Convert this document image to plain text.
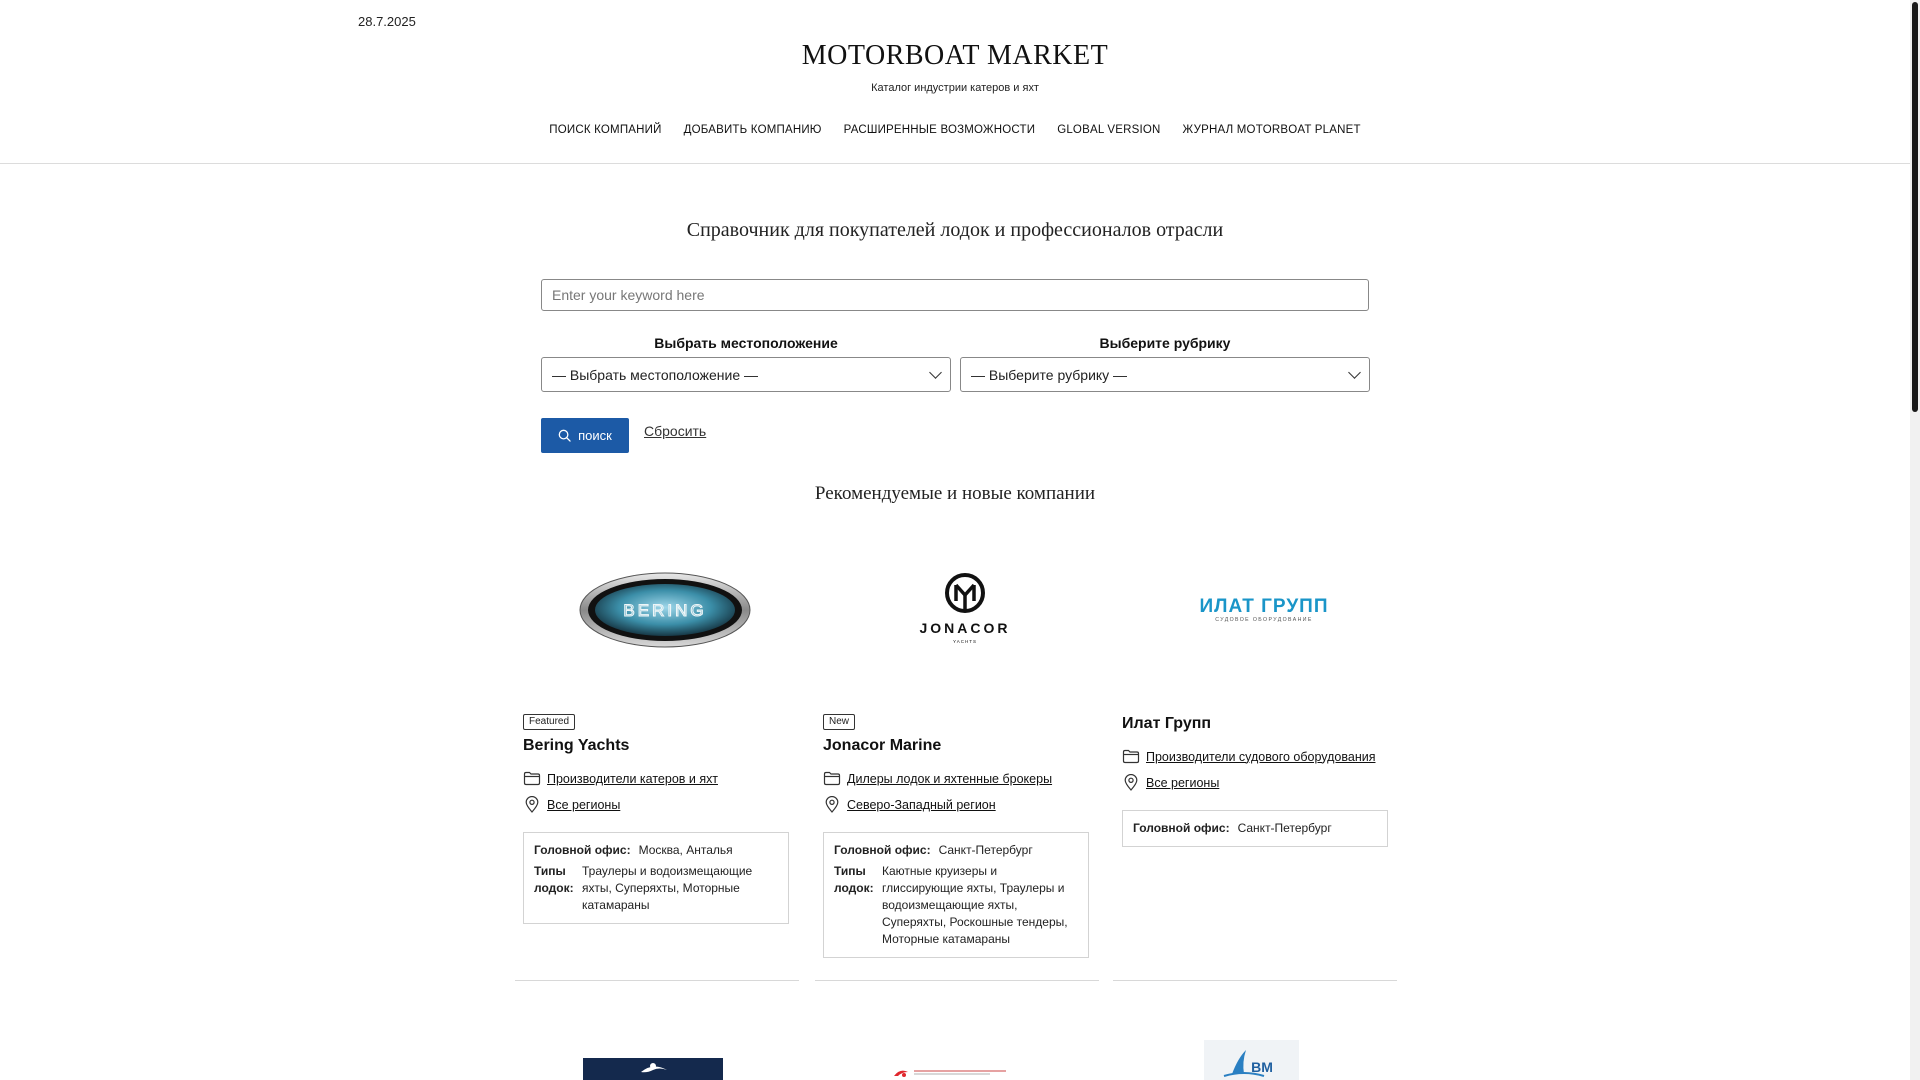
28.7.2025
MOTORBOAT MARKET
Каталог индустрии катеров и яхт
ПОИСК КОМПАНИЙ ДОБАВИТЬ КОМПАНИЮ РАСШИРЕННЫЕ ВОЗМОЖНОСТИ GLOBAL VERSION ЖУРНАЛ MOTORBOAT PLANET
Справочник для покупателей лодок и профессионалов отрасли
Enter your keyword here
Выбрать местоположение
— Выбрать местоположение —
Выберите рубрику
— Выберите рубрику —
поиск Сбросить
Рекомендуемые и новые компании
BERING
Featured
Bering Yachts
Производители катеров и яхт
Все регионы
Головной офис: Москва, Анталья
Типы лодок:
Траулеры и водоизмещающие яхты, Суперяхты, Моторные катамараны
JONACOR
YACHTS
New
Jonacor Marine
Дилеры лодок и яхтенные брокеры
Северо-Западный регион
Головной офис: Санкт-Петербург
Типы лодок:
Каютные круизеры и глиссирующие яхты, Траулеры и водоизмещающие яхты, Суперяхты, Роскошные тендеры, Моторные катамараны
ИЛАТ ГРУПП
СУДОВОЕ ОБОРУДОВАНИЕ
Илат Групп
Производители судового оборудования
Все регионы
Головной офис: Санкт-Петербург
BM
